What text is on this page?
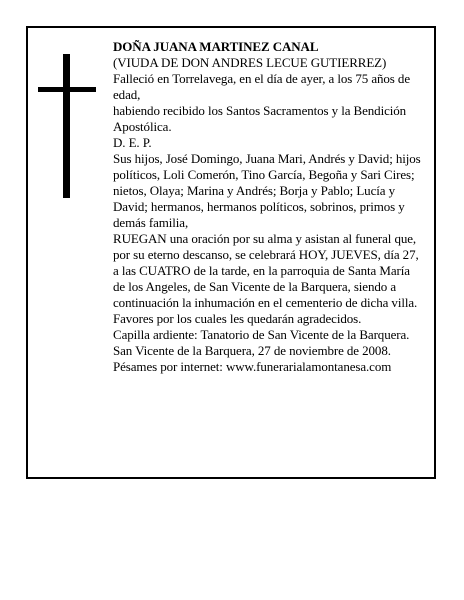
DOÑA JUANA MARTINEZ CANAL

(VIUDA DE DON ANDRES LECUE GUTIERREZ)

Falleció en Torrelavega, en el día de ayer, a los 75 años de edad,

habiendo recibido los Santos Sacramentos y la Bendición Apostólica.

D. E. P.

Sus hijos, José Domingo, Juana Mari, Andrés y David; hijos políticos, Loli Comerón, Tino García, Begoña y Sari Cires; nietos, Olaya; Marina y Andrés; Borja y Pablo; Lucía y David; hermanos, hermanos políticos, sobrinos, primos y demás familia,

RUEGAN una oración por su alma y asistan al funeral que, por su eterno descanso, se celebrará HOY, JUEVES, día 27, a las CUATRO de la tarde, en la parroquia de Santa María de los Angeles, de San Vicente de la Barquera, siendo a continuación la inhumación en el cementerio de dicha villa. Favores por los cuales les quedarán agradecidos.

Capilla ardiente: Tanatorio de San Vicente de la Barquera.

San Vicente de la Barquera, 27 de noviembre de 2008.

Pésames por internet: www.funerarialamontanesa.com
